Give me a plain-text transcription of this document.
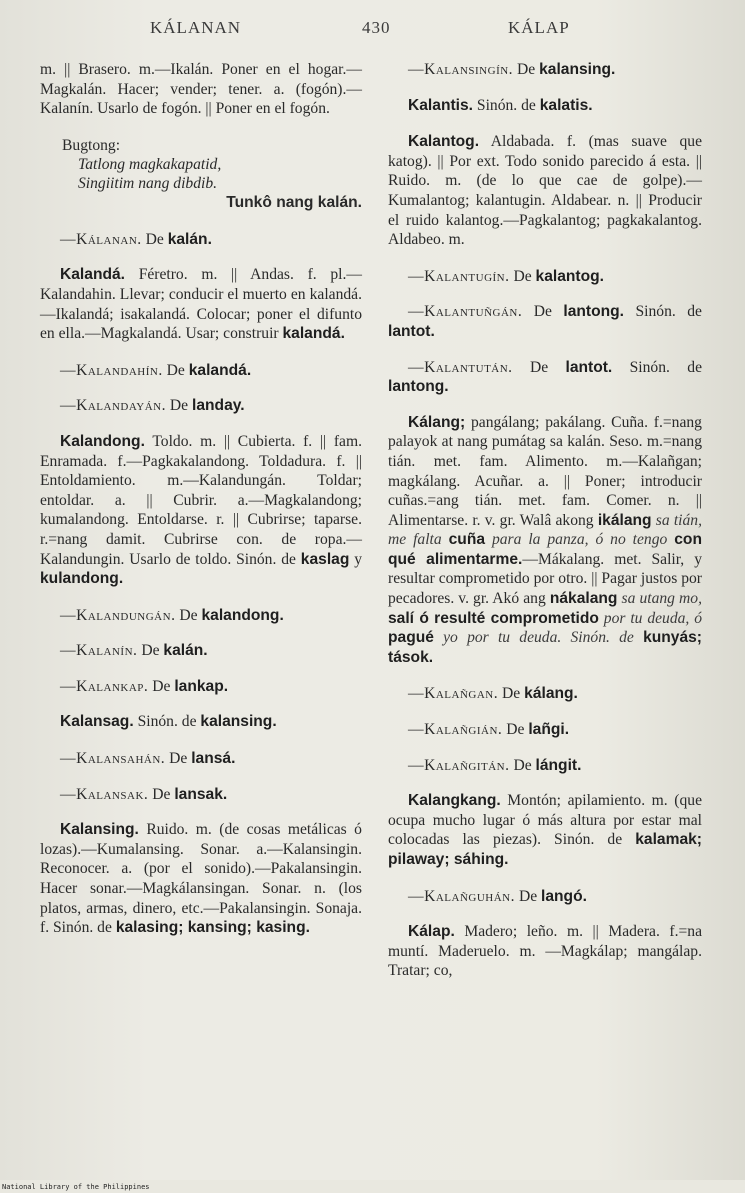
KÁLANAN	430	KÁLAP

m. || Brasero. m.—Ikalán. Poner en el hogar.—Magkalán. Hacer; vender; tener. a. (fogón).—Kalanín. Usarlo de fogón. || Poner en el fogón.

Bugtong:
Tatlong magkakapatid,
Singiitim nang dibdib.
Tunkô nang kalán.

—Kálanan. De kalán.

Kalandá. Féretro. m. || Andas. f. pl.—Kalandahin. Llevar; conducir el muerto en kalandá.—Ikalandá; isakalandá. Colocar; poner el difunto en ella.—Magkalandá. Usar; construir kalandá.

—Kalandahín. De kalandá.

—Kalandayán. De landay.

Kalandong. Toldo. m. || Cubierta. f. || fam. Enramada. f.—Pagkakalandong. Toldadura. f. || Entoldamiento. m.—Kalandungán. Toldar; entoldar. a. || Cubrir. a.—Magkalandong; kumalandong. Entoldarse. r. || Cubrirse; taparse. r.=nang damit. Cubrirse con. de ropa.—Kalandungin. Usarlo de toldo. Sinón. de kaslag y kulandong.

—Kalandungán. De kalandong.

—Kalanín. De kalán.

—Kalankap. De lankap.

Kalansag. Sinón. de kalansing.

—Kalansahán. De lansá.

—Kalansak. De lansak.

Kalansing. Ruido. m. (de cosas metálicas ó lozas).—Kumalansing. Sonar. a.—Kalansingin. Reconocer. a. (por el sonido).—Pakalansingin. Hacer sonar.—Magkálansingan. Sonar. n. (los platos, armas, dinero, etc.—Pakalansingin. Sonaja. f. Sinón. de kalasing; kansing; kasing.

—Kalansingín. De kalansing.

Kalantis. Sinón. de kalatis.

Kalantog. Aldabada. f. (mas suave que katog). || Por ext. Todo sonido parecido á esta. || Ruido. m. (de lo que cae de golpe).—Kumalantog; kalantugin. Aldabear. n. || Producir el ruido kalantog.—Pagkalantog; pagkakalantog. Aldabeo. m.

—Kalantugín. De kalantog.

—Kalantuñgán. De lantong. Sinón. de lantot.

—Kalantután. De lantot. Sinón. de lantong.

Kálang; pangálang; pakálang. Cuña. f.=nang palayok at nang pumátag sa kalán. Seso. m.=nang tián. met. fam. Alimento. m.—Kalañgan; magkálang. Acuñar. a. || Poner; introducir cuñas.=ang tián. met. fam. Comer. n. || Alimentarse. r. v. gr. Walâ akong ikálang sa tián, me falta cuña para la panza, ó no tengo con qué alimentarme.—Mákalang. met. Salir, y resultar comprometido por otro. || Pagar justos por pecadores. v. gr. Akó ang nákalang sa utang mo, salí ó resulté comprometido por tu deuda, ó pagué yo por tu deuda. Sinón. de kunyás; tások.

—Kalañgan. De kálang.

—Kalañgián. De lañgi.

—Kalañgitán. De lángit.

Kalangkang. Montón; apilamiento. m. (que ocupa mucho lugar ó más altura por estar mal colocadas las piezas). Sinón. de kalamak; pilaway; sáhing.

—Kalañguhán. De langó.

Kálap. Madero; leño. m. || Madera. f.=na muntí. Maderuelo. m. —Magkálap; mangálap. Tratar; co,

National Library of the Philippines
